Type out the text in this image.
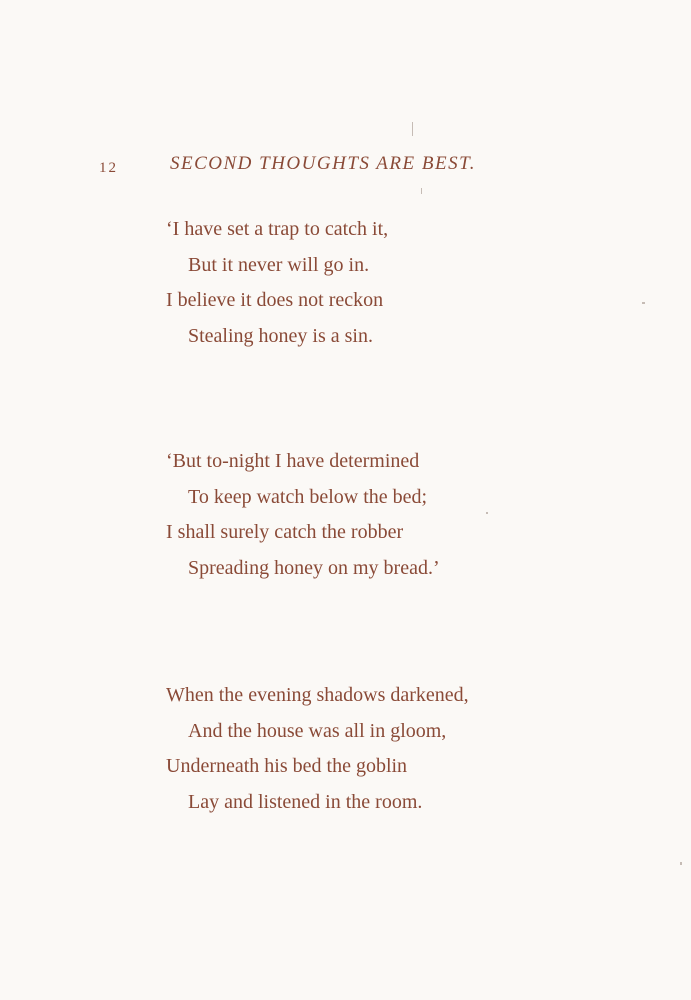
12	SECOND THOUGHTS ARE BEST.
‘I have set a trap to catch it,
But it never will go in.
I believe it does not reckon
Stealing honey is a sin.
‘But to-night I have determined
To keep watch below the bed;
I shall surely catch the robber
Spreading honey on my bread.’
When the evening shadows darkened,
And the house was all in gloom,
Underneath his bed the goblin
Lay and listened in the room.
